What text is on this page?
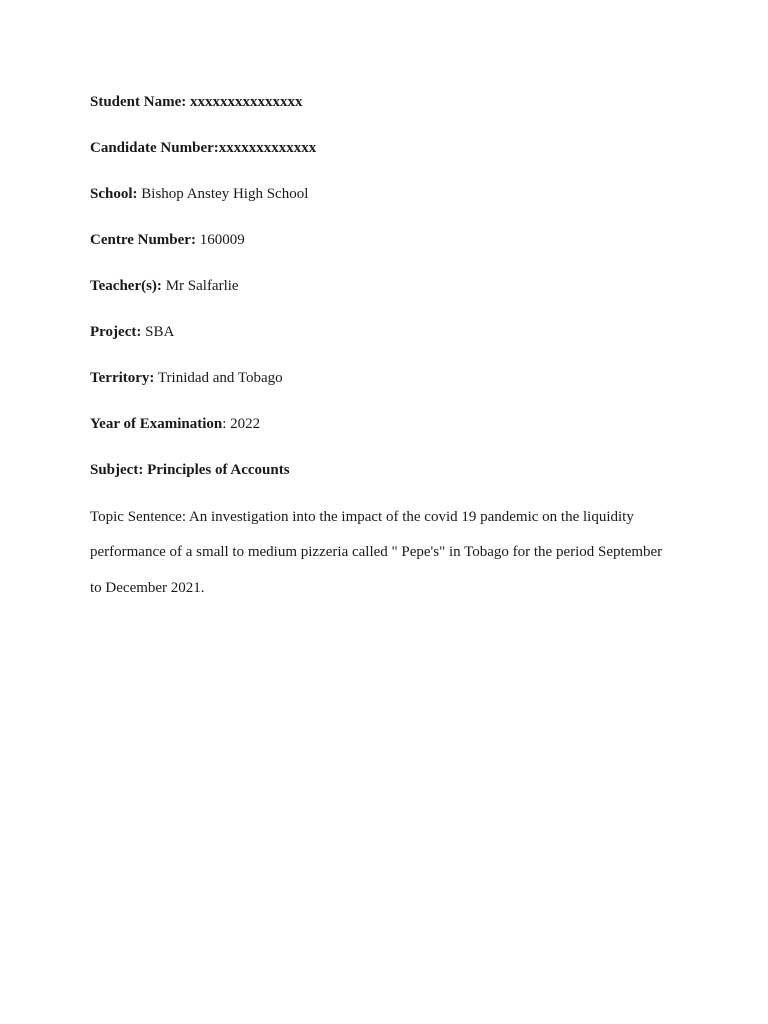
Student Name: xxxxxxxxxxxxxxx
Candidate Number:xxxxxxxxxxxxx
School: Bishop Anstey High School
Centre Number: 160009
Teacher(s): Mr Salfarlie
Project: SBA
Territory: Trinidad and Tobago
Year of Examination: 2022
Subject: Principles of Accounts
Topic Sentence: An investigation into the impact of the covid 19 pandemic on the liquidity
performance of a small to medium pizzeria called " Pepe's" in Tobago for the period September
to December 2021.
